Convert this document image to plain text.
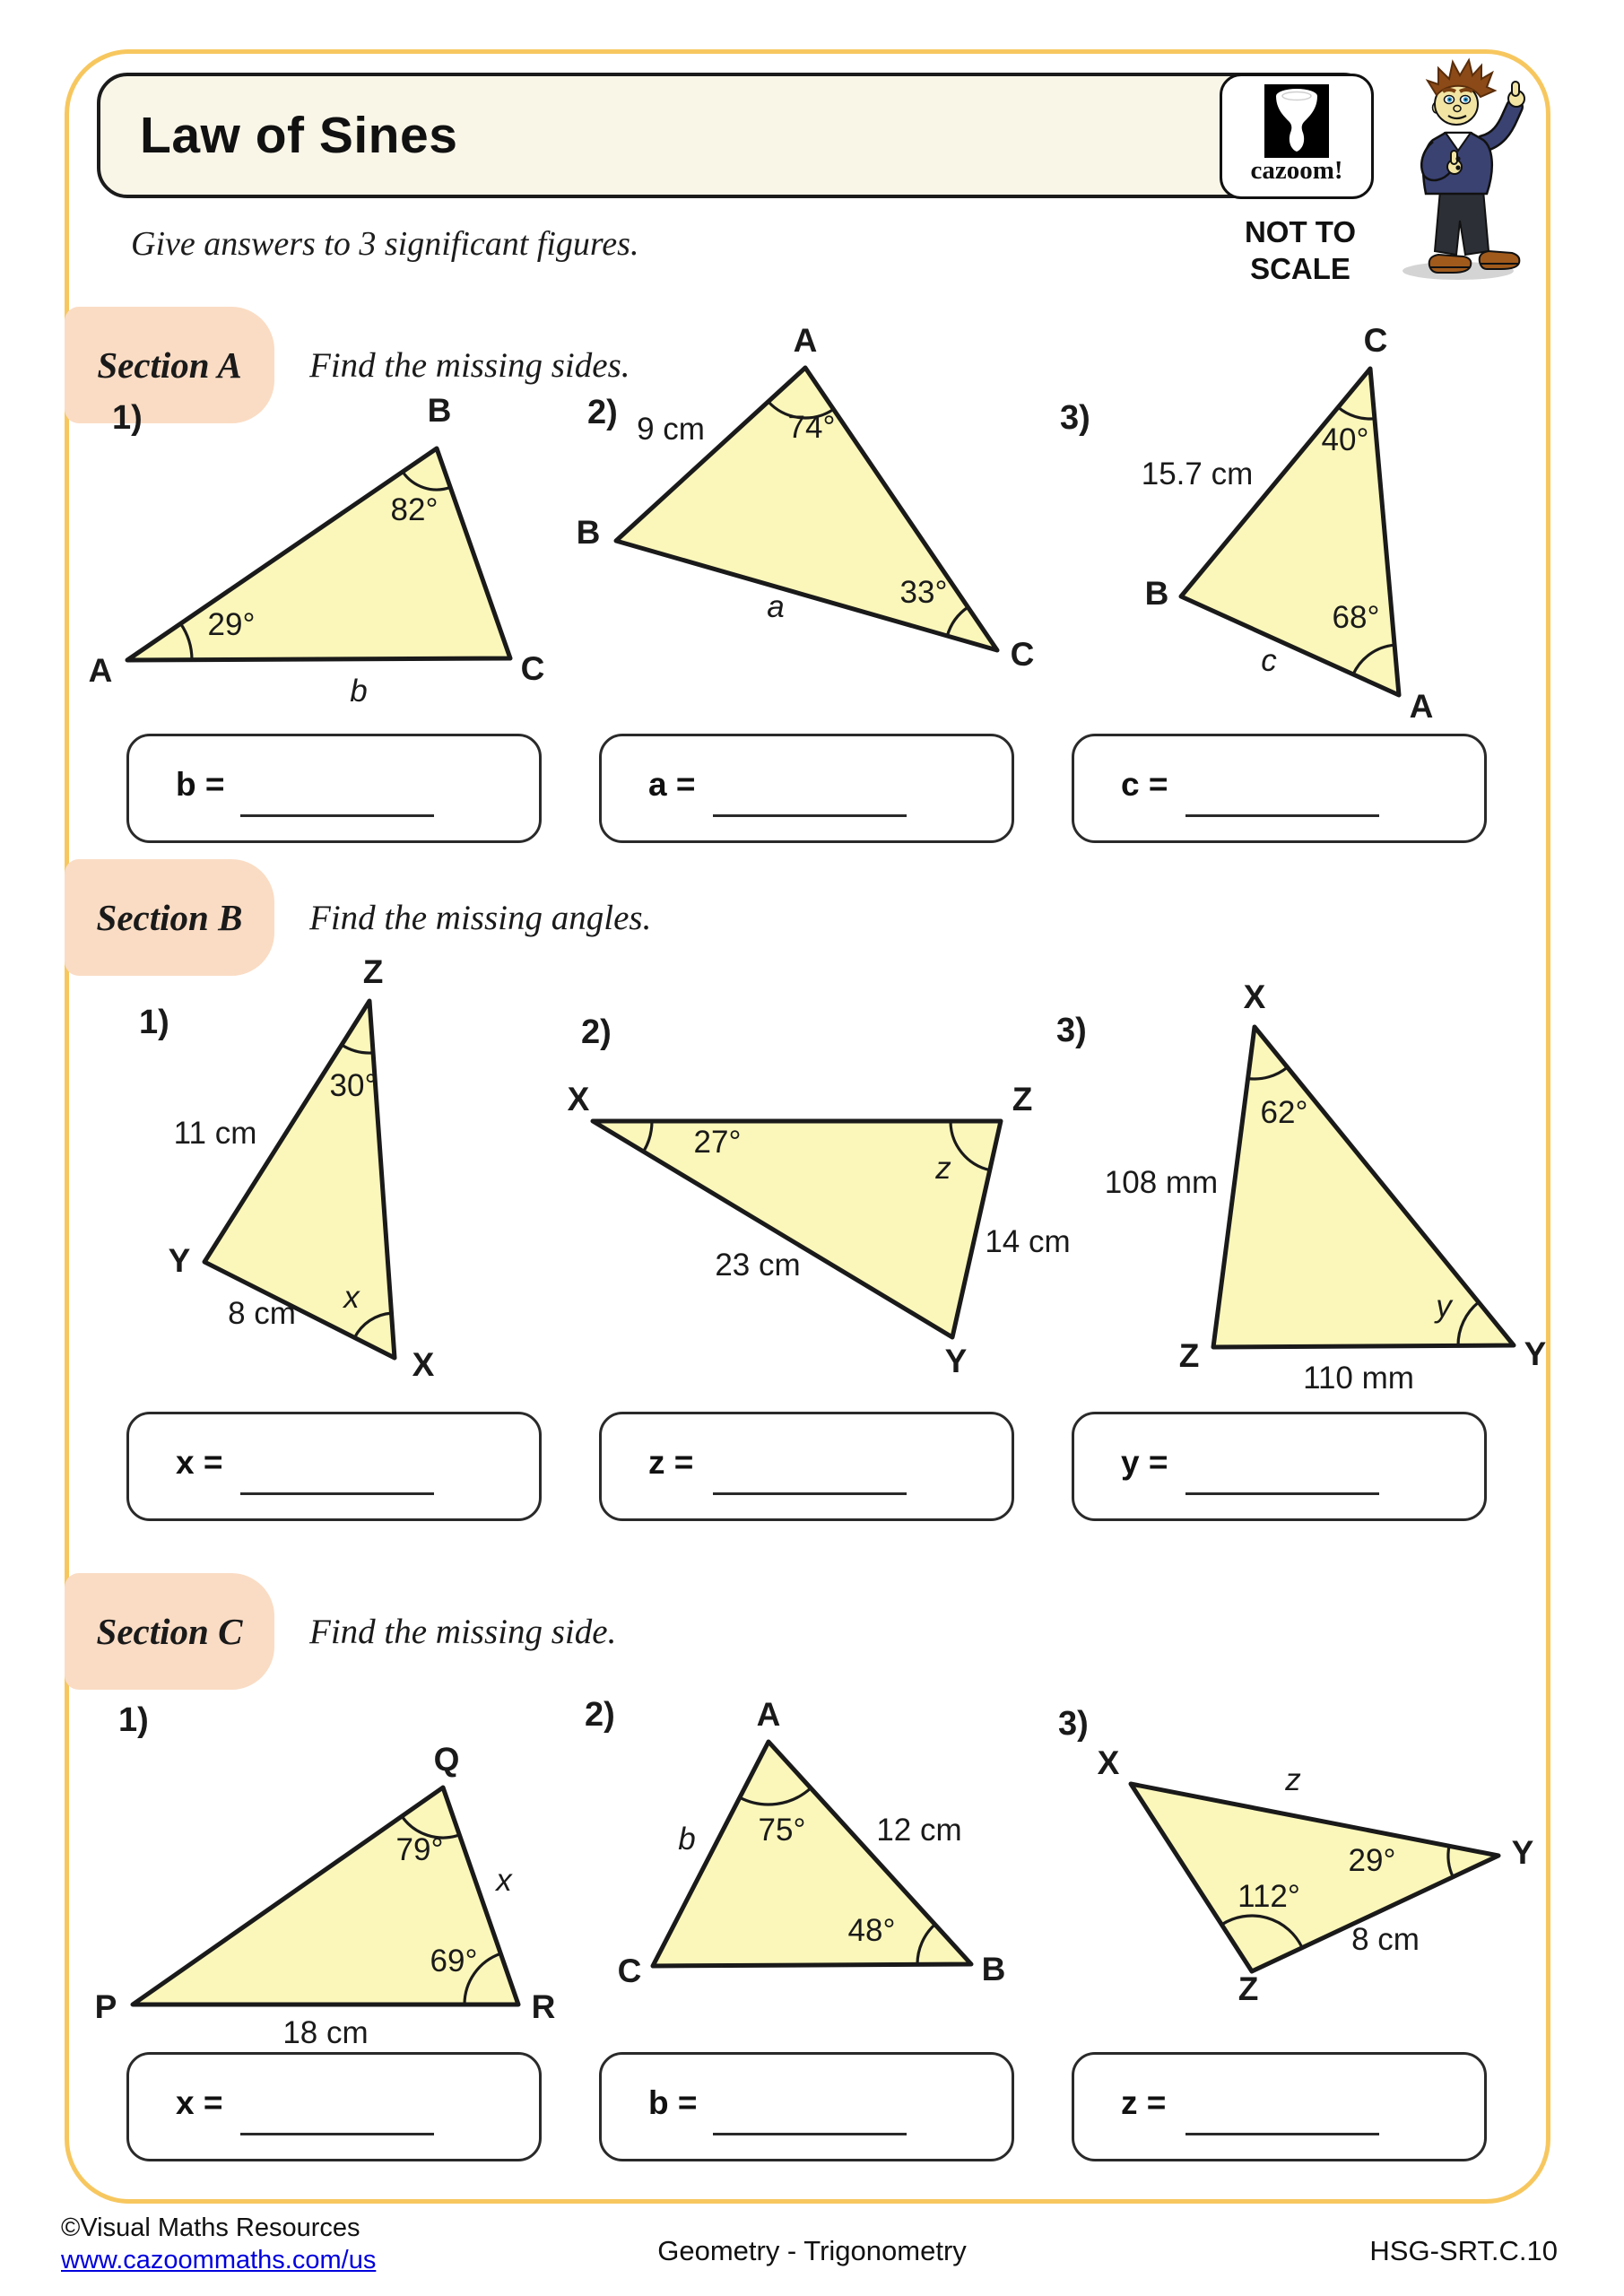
Law of Sines
cazoom!
NOT TO
SCALE
Give answers to 3 significant figures.
Section A Find the missing sides.
Section B Find the missing angles.
Section C Find the missing side.
1)
A
B
C
82°
29°
b
2)
A
B
C
74°
33°
9 cm
a
3)
C
B
A
40°
68°
15.7 cm
c
1)
Z
Y
X
30°
x
11 cm
8 cm
2)
X	Z
Y
27°
z
23 cm
14 cm
3)
X
Z	Y
62°
y
108 mm
110 mm
1)
Q
P	R
79°
69°
x
18 cm
2)	A
C	B
75°
48°
b	12 cm
3)
X
Y
Z
29°
112°
z
8 cm
b =	a =	c =
x =	z =	y =
x =	b =	z =
©Visual Maths Resources
www.cazoommaths.com/us	Geometry - Trigonometry	HSG-SRT.C.10
